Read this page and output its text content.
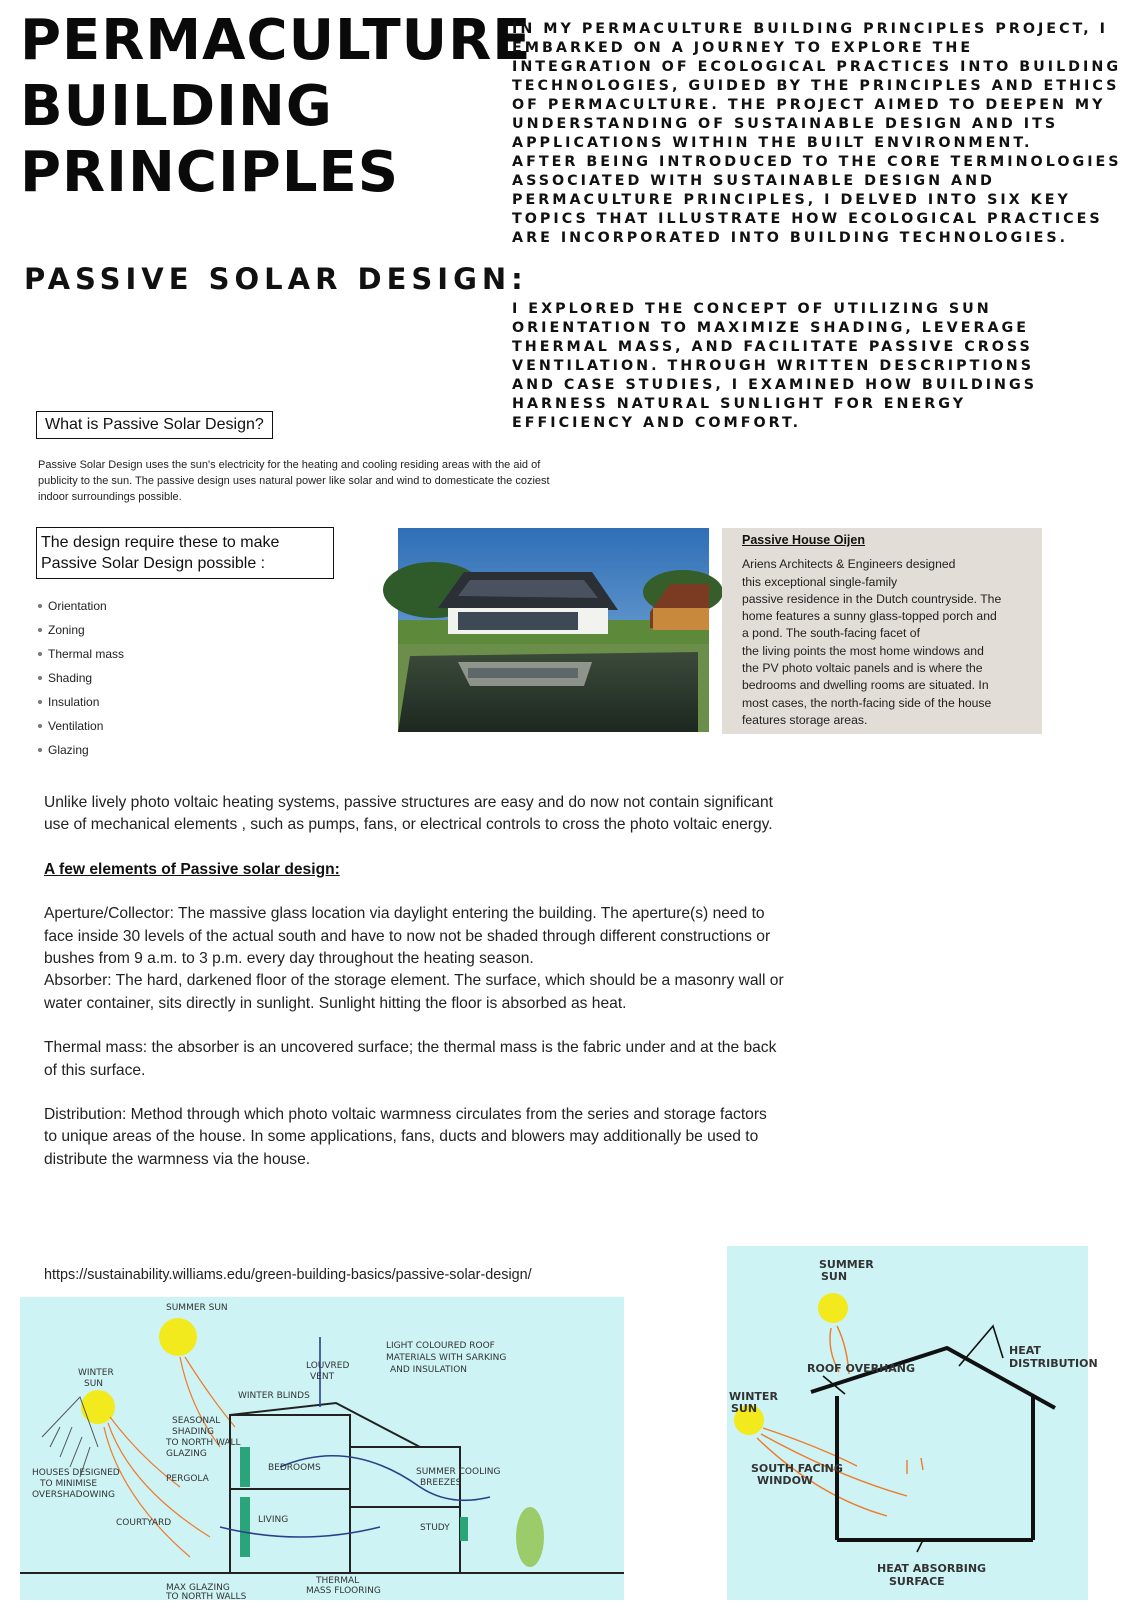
PERMACULTURE
BUILDING
PRINCIPLES

IN MY PERMACULTURE BUILDING PRINCIPLES PROJECT, I EMBARKED ON A JOURNEY TO EXPLORE THE INTEGRATION OF ECOLOGICAL PRACTICES INTO BUILDING TECHNOLOGIES, GUIDED BY THE PRINCIPLES AND ETHICS OF PERMACULTURE. THE PROJECT AIMED TO DEEPEN MY UNDERSTANDING OF SUSTAINABLE DESIGN AND ITS APPLICATIONS WITHIN THE BUILT ENVIRONMENT.

AFTER BEING INTRODUCED TO THE CORE TERMINOLOGIES ASSOCIATED WITH SUSTAINABLE DESIGN AND PERMACULTURE PRINCIPLES, I DELVED INTO SIX KEY TOPICS THAT ILLUSTRATE HOW ECOLOGICAL PRACTICES ARE INCORPORATED INTO BUILDING TECHNOLOGIES.

PASSIVE SOLAR DESIGN:

I EXPLORED THE CONCEPT OF UTILIZING SUN ORIENTATION TO MAXIMIZE SHADING, LEVERAGE THERMAL MASS, AND FACILITATE PASSIVE CROSS VENTILATION. THROUGH WRITTEN DESCRIPTIONS AND CASE STUDIES, I EXAMINED HOW BUILDINGS HARNESS NATURAL SUNLIGHT FOR ENERGY EFFICIENCY AND COMFORT.

What is Passive Solar Design?

Passive Solar Design uses the sun's electricity for the heating and cooling residing areas with the aid of publicity to the sun. The passive design uses natural power like solar and wind to domesticate the coziest indoor surroundings possible.

The design require these to make Passive Solar Design possible :
Orientation
Zoning
Thermal mass
Shading
Insulation
Ventilation
Glazing

Passive House Oijen

Ariens Architects & Engineers designed

this exceptional single-family

passive residence in the Dutch countryside. The

home features a sunny glass-topped porch and

a pond. The south-facing facet of

the living points the most home windows and

the PV photo voltaic panels and is where the

bedrooms and dwelling rooms are situated. In

most cases, the north-facing side of the house

features storage areas.

Unlike lively photo voltaic heating systems, passive structures are easy and do now not contain significant use of mechanical elements , such as pumps, fans, or electrical controls to cross the photo voltaic energy.

A few elements of Passive solar design:

Aperture/Collector: The massive glass location via daylight entering the building. The aperture(s) need to face inside 30 levels of the actual south and have to now not be shaded through different constructions or bushes from 9 a.m. to 3 p.m. every day throughout the heating season.

Absorber: The hard, darkened floor of the storage element. The surface, which should be a masonry wall or water container, sits directly in sunlight. Sunlight hitting the floor is absorbed as heat.

Thermal mass: the absorber is an uncovered surface; the thermal mass is the fabric under and at the back of this surface.

Distribution: Method through which photo voltaic warmness circulates from the series and storage factors to unique areas of the house. In some applications, fans, ducts and blowers may additionally be used to distribute the warmness via the house.

https://sustainability.williams.edu/green-building-basics/passive-solar-design/
SUMMER SUN
WINTER
SUN
LOUVRED
VENT
LIGHT COLOURED ROOF
MATERIALS WITH SARKING
AND INSULATION
WINTER BLINDS
SEASONAL
SHADING
TO NORTH WALL
GLAZING
PERGOLA
BEDROOMS	SUMMER COOLING
BREEZES
HOUSES DESIGNED
TO MINIMISE
OVERSHADOWING
COURTYARD	LIVING
STUDY
THERMAL
MASS FLOORING
MAX GLAZING
TO NORTH WALLS
SUMMER
SUN
ROOF OVERHANG
HEAT
DISTRIBUTION
WINTER
SUN
SOUTH FACING
WINDOW
HEAT ABSORBING
SURFACE
